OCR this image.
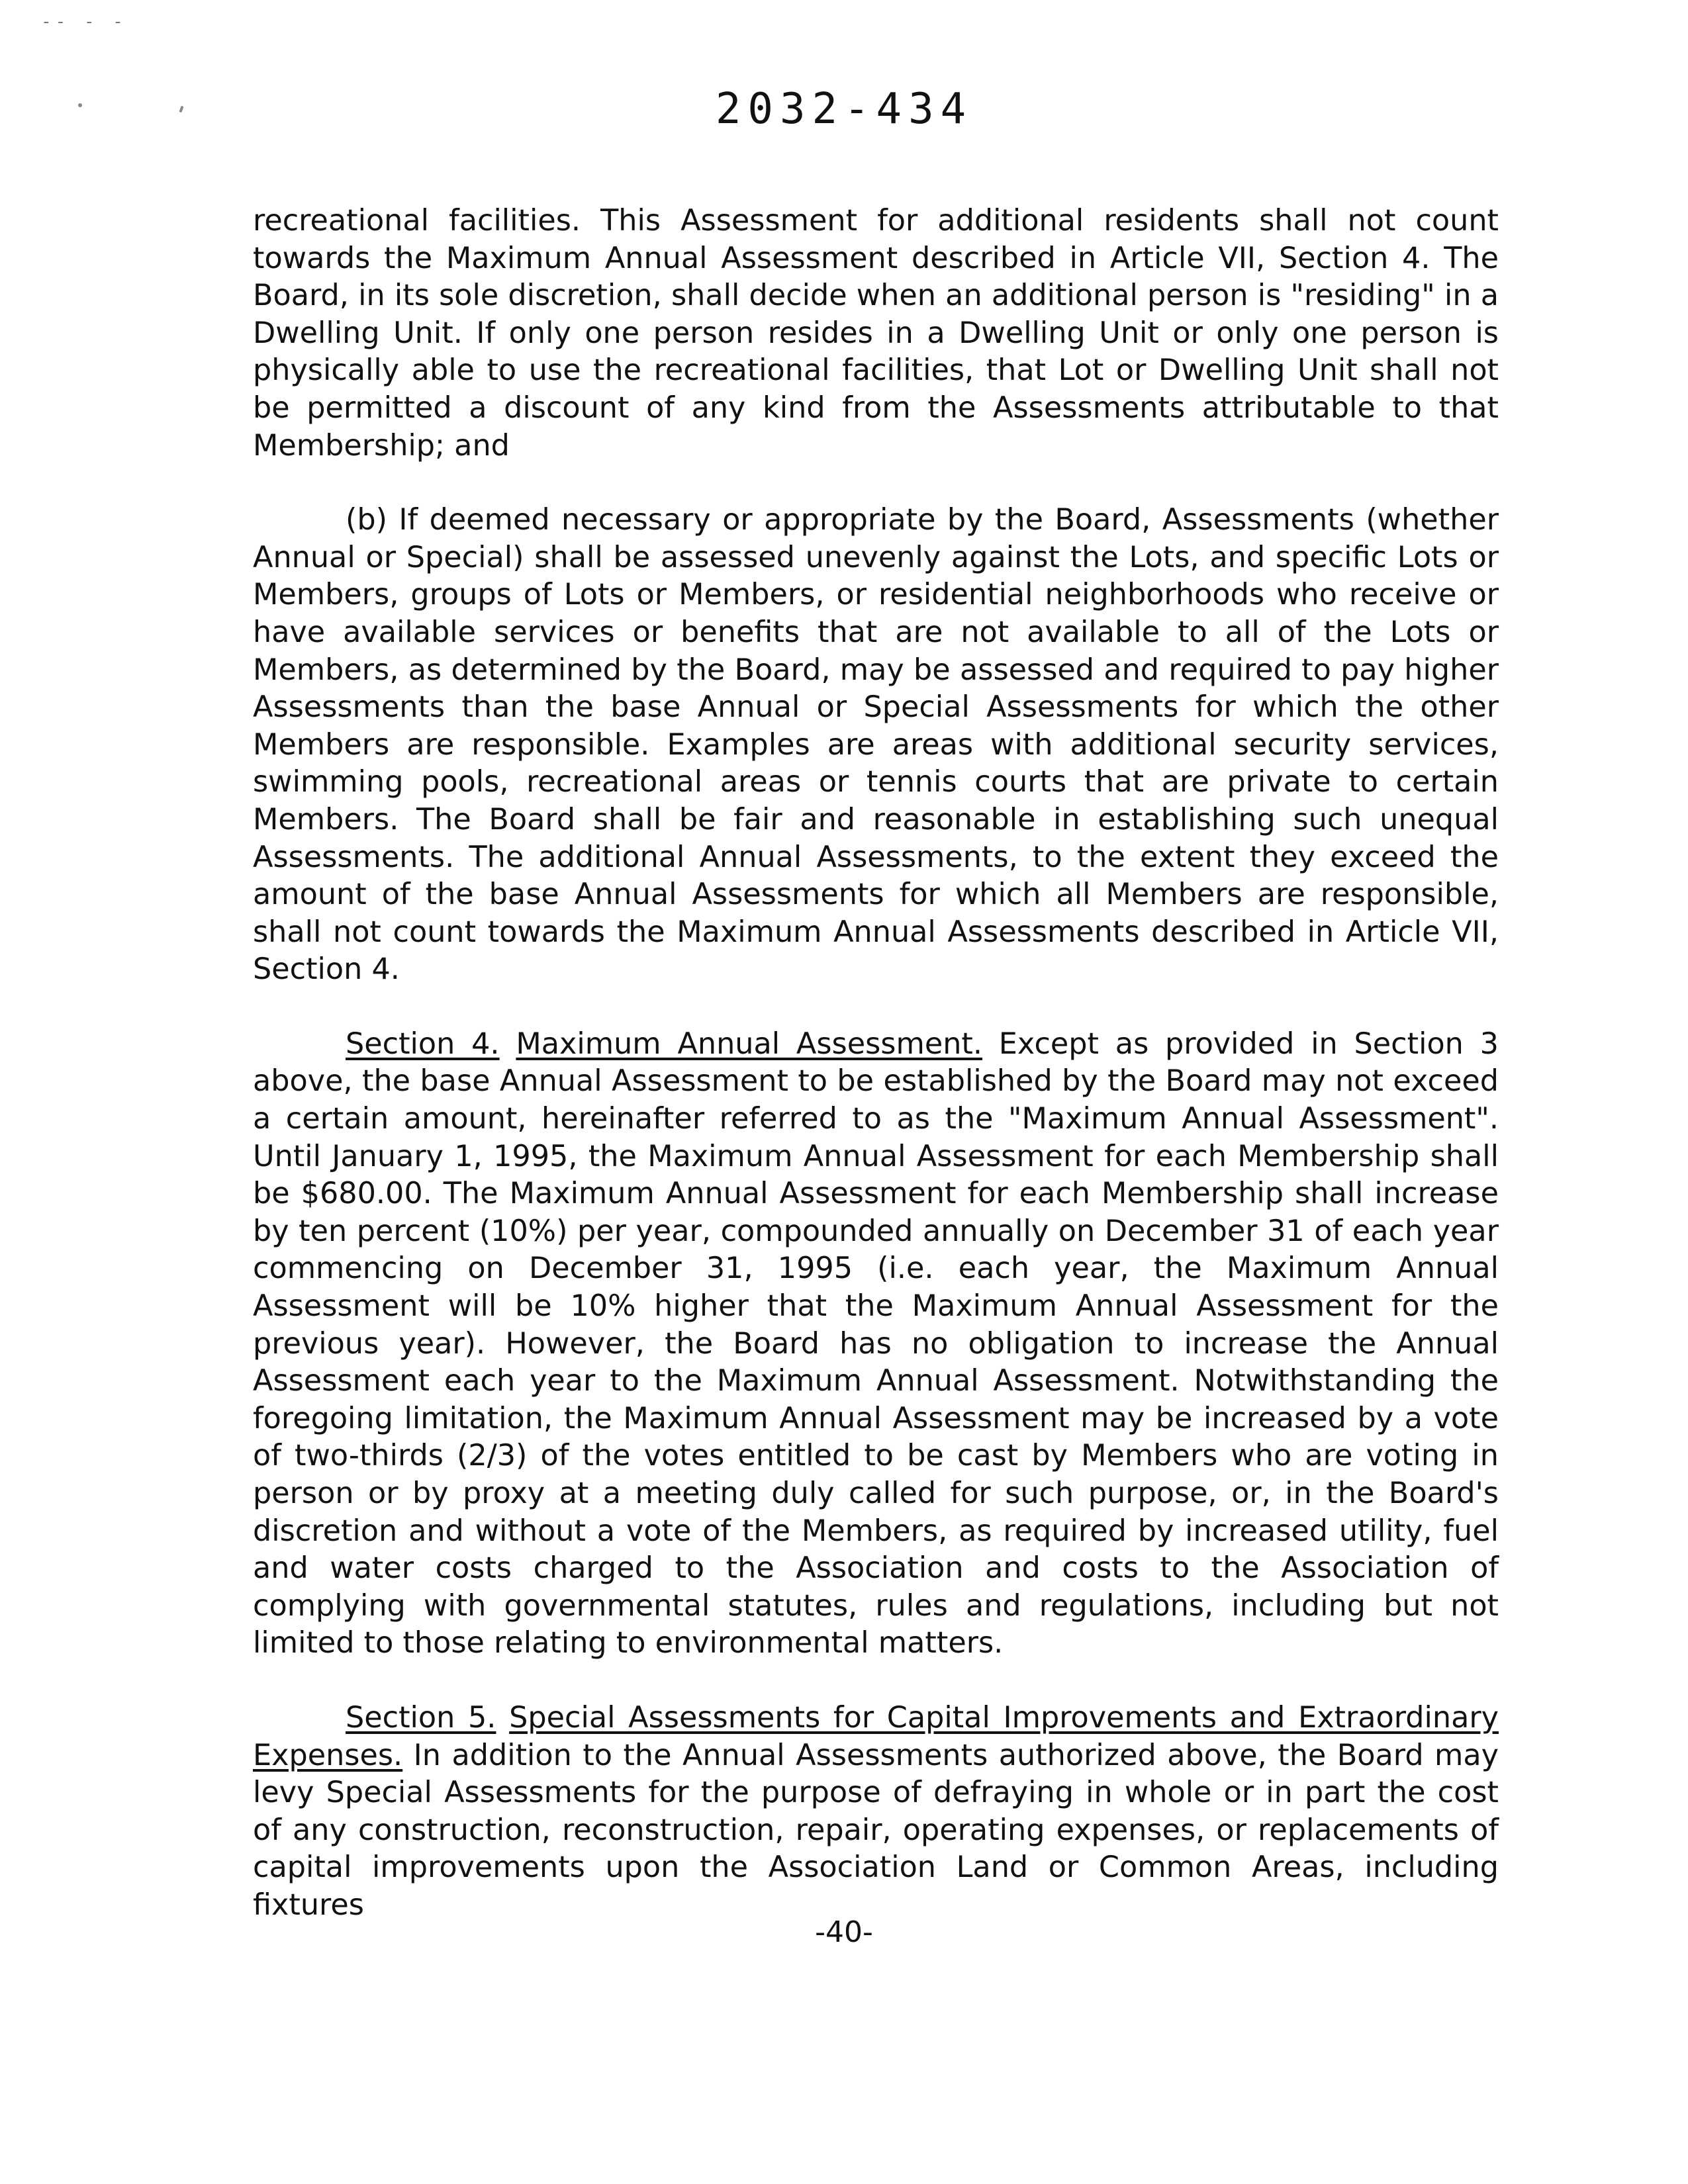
-- - -
2032-434

recreational facilities. This Assessment for additional residents shall not count towards the Maximum Annual Assessment described in Article VII, Section 4. The Board, in its sole discretion, shall decide when an additional person is "residing" in a Dwelling Unit. If only one person resides in a Dwelling Unit or only one person is physically able to use the recreational facilities, that Lot or Dwelling Unit shall not be permitted a discount of any kind from the Assessments attributable to that Membership; and

(b) If deemed necessary or appropriate by the Board, Assessments (whether Annual or Special) shall be assessed unevenly against the Lots, and specific Lots or Members, groups of Lots or Members, or residential neighborhoods who receive or have available services or benefits that are not available to all of the Lots or Members, as determined by the Board, may be assessed and required to pay higher Assessments than the base Annual or Special Assessments for which the other Members are responsible. Examples are areas with additional security services, swimming pools, recreational areas or tennis courts that are private to certain Members. The Board shall be fair and reasonable in establishing such unequal Assessments. The additional Annual Assessments, to the extent they exceed the amount of the base Annual Assessments for which all Members are responsible, shall not count towards the Maximum Annual Assessments described in Article VII, Section 4.

Section 4. Maximum Annual Assessment. Except as provided in Section 3 above, the base Annual Assessment to be established by the Board may not exceed a certain amount, hereinafter referred to as the "Maximum Annual Assessment". Until January 1, 1995, the Maximum Annual Assessment for each Membership shall be $680.00. The Maximum Annual Assessment for each Membership shall increase by ten percent (10%) per year, compounded annually on December 31 of each year commencing on December 31, 1995 (i.e. each year, the Maximum Annual Assessment will be 10% higher that the Maximum Annual Assessment for the previous year). However, the Board has no obligation to increase the Annual Assessment each year to the Maximum Annual Assessment. Notwithstanding the foregoing limitation, the Maximum Annual Assessment may be increased by a vote of two-thirds (2/3) of the votes entitled to be cast by Members who are voting in person or by proxy at a meeting duly called for such purpose, or, in the Board's discretion and without a vote of the Members, as required by increased utility, fuel and water costs charged to the Association and costs to the Association of complying with governmental statutes, rules and regulations, including but not limited to those relating to environmental matters.

Section 5. Special Assessments for Capital Improvements and Extraordinary Expenses. In addition to the Annual Assessments authorized above, the Board may levy Special Assessments for the purpose of defraying in whole or in part the cost of any construction, reconstruction, repair, operating expenses, or replacements of capital improvements upon the Association Land or Common Areas, including fixtures

-40-
